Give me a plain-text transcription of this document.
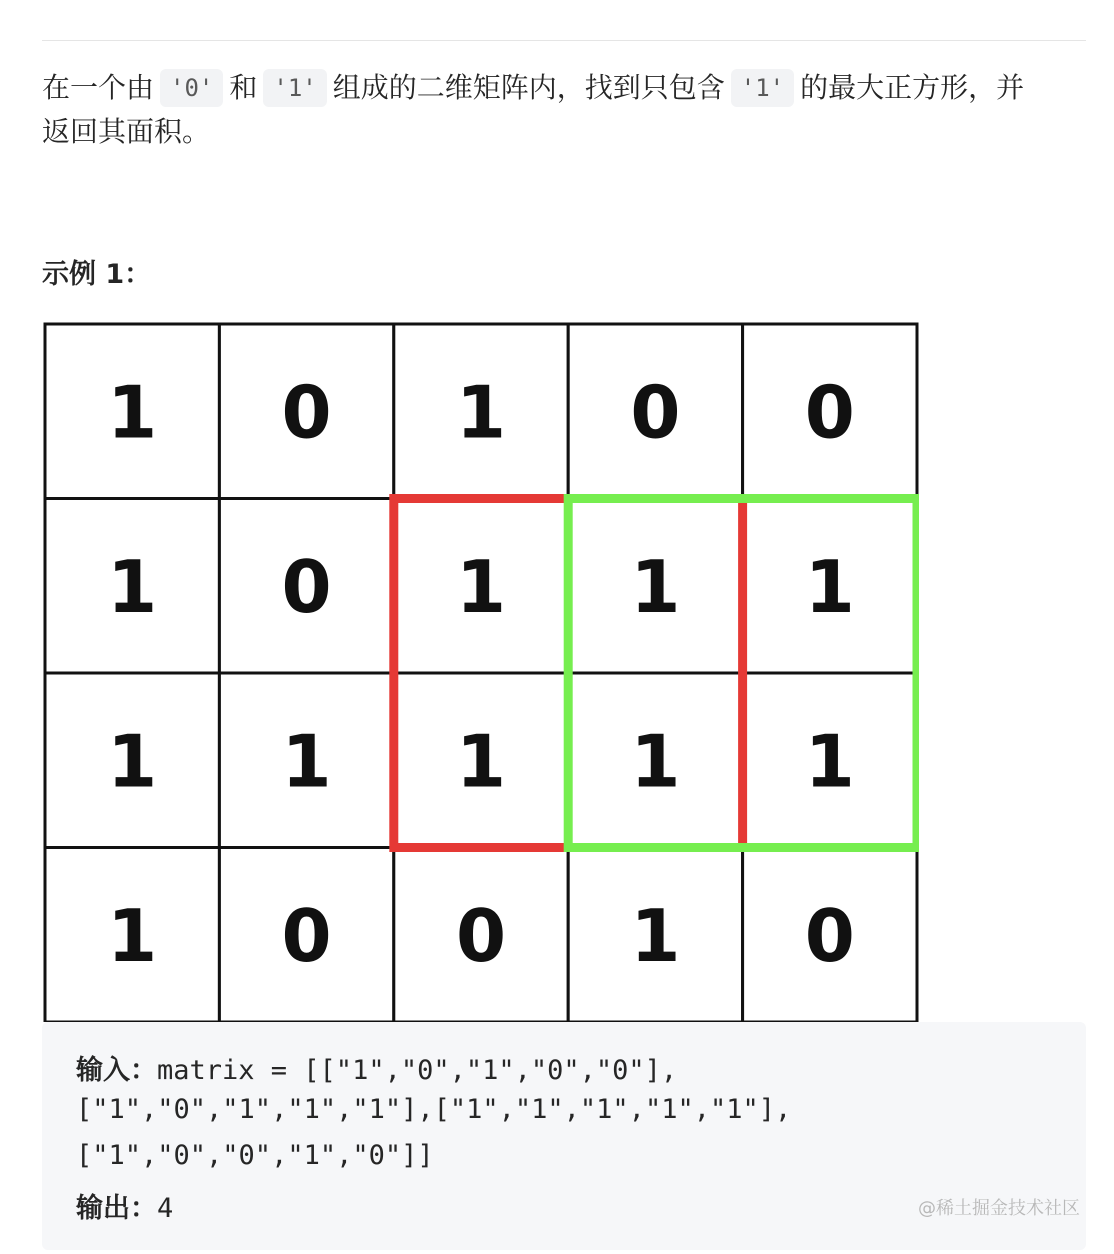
在一个由 '0' 和 '1' 组成的二维矩阵内，找到只包含 '1' 的最大正方形，并
返回其面积。
示例 1：
1 0 1 0 0
1 0 1 1 1
1 1 1 1 1
1 0 0 1 0
输入：matrix = [["1","0","1","0","0"],
["1","0","1","1","1"],["1","1","1","1","1"],
["1","0","0","1","0"]]
输出：4	@稀土掘金技术社区
